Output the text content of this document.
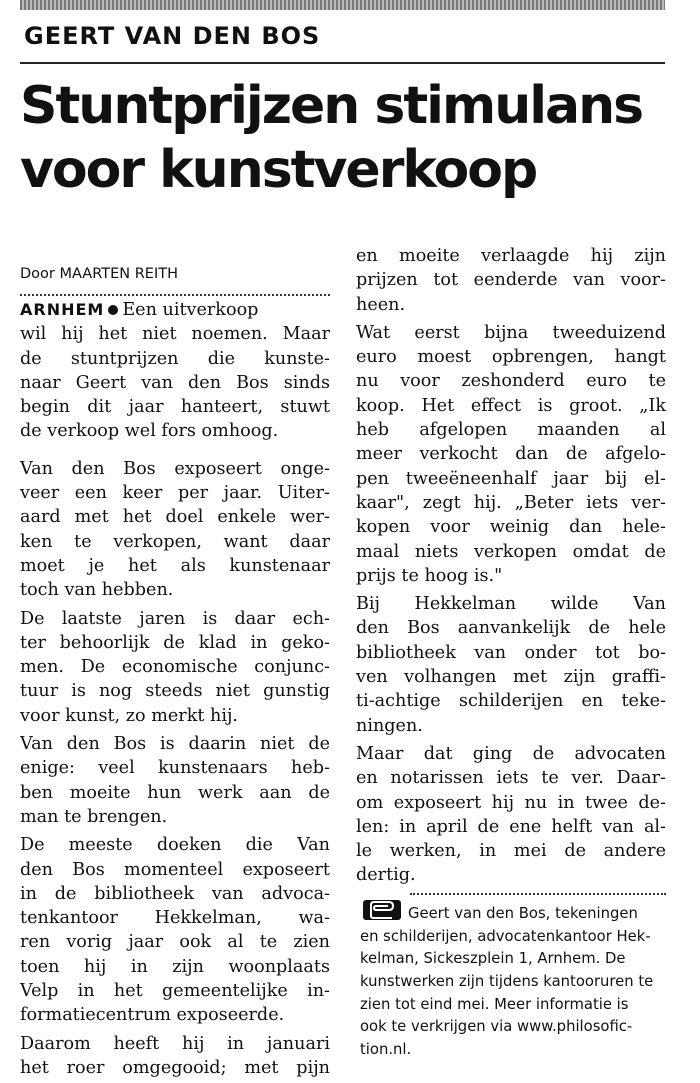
GEERT VAN DEN BOS
Stuntprijzen stimulans
voor kunstverkoop
Door MAARTEN REITH
ARNHEM Een uitverkoop
wil hij het niet noemen. Maar
de stuntprijzen die kunste-
naar Geert van den Bos sinds
begin dit jaar hanteert, stuwt
de verkoop wel fors omhoog.
Van den Bos exposeert onge-
veer een keer per jaar. Uiter-
aard met het doel enkele wer-
ken te verkopen, want daar
moet je het als kunstenaar
toch van hebben.
De laatste jaren is daar ech-
ter behoorlijk de klad in geko-
men. De economische conjunc-
tuur is nog steeds niet gunstig
voor kunst, zo merkt hij.
Van den Bos is daarin niet de
enige: veel kunstenaars heb-
ben moeite hun werk aan de
man te brengen.
De meeste doeken die Van
den Bos momenteel exposeert
in de bibliotheek van advoca-
tenkantoor Hekkelman, wa-
ren vorig jaar ook al te zien
toen hij in zijn woonplaats
Velp in het gemeentelijke in-
formatiecentrum exposeerde.
Daarom heeft hij in januari
het roer omgegooid; met pijn
en moeite verlaagde hij zijn
prijzen tot eenderde van voor-
heen.
Wat eerst bijna tweeduizend
euro moest opbrengen, hangt
nu voor zeshonderd euro te
koop. Het effect is groot. „Ik
heb afgelopen maanden al
meer verkocht dan de afgelo-
pen tweeëneenhalf jaar bij el-
kaar", zegt hij. „Beter iets ver-
kopen voor weinig dan hele-
maal niets verkopen omdat de
prijs te hoog is."
Bij Hekkelman wilde Van
den Bos aanvankelijk de hele
bibliotheek van onder tot bo-
ven volhangen met zijn graffi-
ti-achtige schilderijen en teke-
ningen.
Maar dat ging de advocaten
en notarissen iets te ver. Daar-
om exposeert hij nu in twee de-
len: in april de ene helft van al-
le werken, in mei de andere
dertig.
Geert van den Bos, tekeningen
en schilderijen, advocatenkantoor Hek-
kelman, Sickeszplein 1, Arnhem. De
kunstwerken zijn tijdens kantooruren te
zien tot eind mei. Meer informatie is
ook te verkrijgen via www.philosofic-
tion.nl.
